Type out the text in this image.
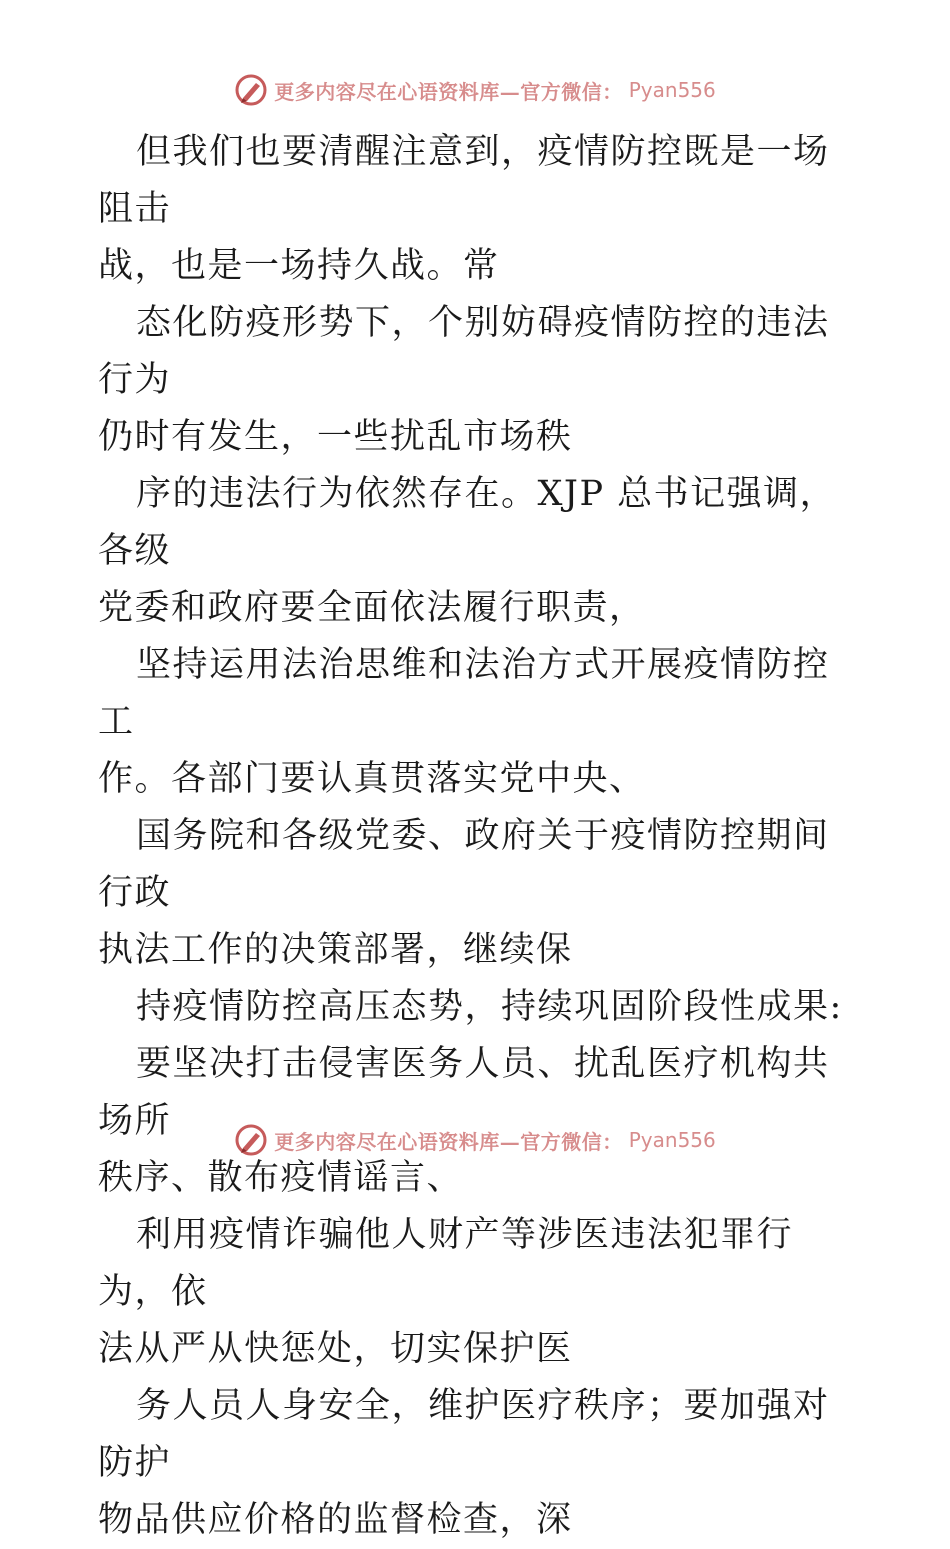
更多内容尽在心语资料库—官方微信： Pyan556

但我们也要清醒注意到，疫情防控既是一场阻击
战，也是一场持久战。常

态化防疫形势下，个别妨碍疫情防控的违法行为
仍时有发生，一些扰乱市场秩

序的违法行为依然存在。XJP 总书记强调，各级
党委和政府要全面依法履行职责，

坚持运用法治思维和法治方式开展疫情防控工
作。各部门要认真贯落实党中央、

国务院和各级党委、政府关于疫情防控期间行政
执法工作的决策部署，继续保

持疫情防控高压态势，持续巩固阶段性成果:

要坚决打击侵害医务人员、扰乱医疗机构共场所
秩序、散布疫情谣言、

利用疫情诈骗他人财产等涉医违法犯罪行为，依
法从严从快惩处，切实保护医

务人员人身安全，维护医疗秩序；要加强对防护
物品供应价格的监督检查，深

更多内容尽在心语资料库—官方微信： Pyan556
